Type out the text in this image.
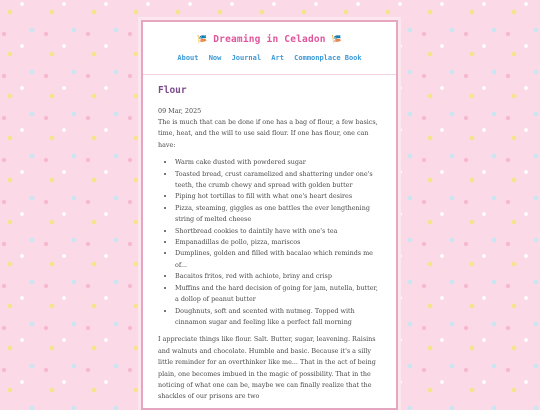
🎏 Dreaming in Celadon 🎏
About Now Journal Art Commonplace Book
Flour

09 Mar, 2025

The is much that can be done if one has a bag of flour, a few basics, time, heat, and the will to use said flour. If one has flour, one can have:

• Warm cake dusted with powdered sugar
• Toasted bread, crust caramelized and shattering under one's teeth, the crumb chewy and spread with golden butter
• Piping hot tortillas to fill with what one's heart desires
• Pizza, steaming, giggles as one battles the ever lengthening string of melted cheese
• Shortbread cookies to daintily have with one's tea
• Empanadillas de pollo, pizza, mariscos
• Dumplines, golden and filled with bacalao which reminds me of...
• Bacaitos fritos, red with achiote, briny and crisp
• Muffins and the hard decision of going for jam, nutella, butter, a dollop of peanut butter
• Doughnuts, soft and scented with nutmeg. Topped with cinnamon sugar and feeling like a perfect fall morning

I appreciate things like flour. Salt. Butter, sugar, leavening. Raisins and walnuts and chocolate. Humble and basic. Because it's a silly little reminder for an overthinker like me... That in the act of being plain, one becomes imbued in the magic of possibility. That in the noticing of what one can be, maybe we can finally realize that the shackles of our prisons are two
